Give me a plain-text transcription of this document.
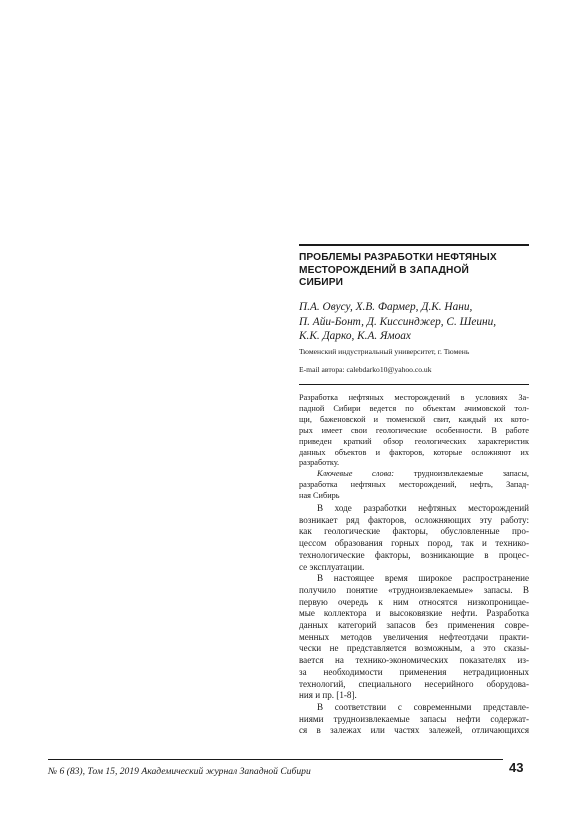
ПРОБЛЕМЫ РАЗРАБОТКИ НЕФТЯНЫХ
МЕСТОРОЖДЕНИЙ В ЗАПАДНОЙ
СИБИРИ
П.А. Овусу, Х.В. Фармер, Д.К. Нани,
П. Айи-Бонт, Д. Киссинджер, С. Шеини,
К.К. Дарко, К.А. Ямоах
Тюменский индустриальный университет, г. Тюмень
E-mail автора: calebdarko10@yahoo.co.uk
Разработка нефтяных месторождений в условиях За-
падной Сибири ведется по объектам ачимовской тол-
щи, баженовской и тюменской свит, каждый их кото-
рых имеет свои геологические особенности. В работе
приведен краткий обзор геологических характеристик
данных объектов и факторов, которые осложняют их
разработку.
Ключевые слова: трудноизвлекаемые запасы,
разработка нефтяных месторождений, нефть, Запад-
ная Сибирь
В ходе разработки нефтяных месторождений
возникает ряд факторов, осложняющих эту работу:
как геологические факторы, обусловленные про-
цессом образования горных пород, так и технико-
технологические факторы, возникающие в процес-
се эксплуатации.
В настоящее время широкое распространение
получило понятие «трудноизвлекаемые» запасы. В
первую очередь к ним относятся низкопроницае-
мые коллектора и высоковязкие нефти. Разработка
данных категорий запасов без применения совре-
менных методов увеличения нефтеотдачи практи-
чески не представляется возможным, а это сказы-
вается на технико-экономических показателях из-
за необходимости применения нетрадиционных
технологий, специального несерийного оборудова-
ния и пр. [1-8].
В соответствии с современными представле-
ниями трудноизвлекаемые запасы нефти содержат-
ся в залежах или частях залежей, отличающихся
№ 6 (83), Том 15, 2019 Академический журнал Западной Сибири	43
